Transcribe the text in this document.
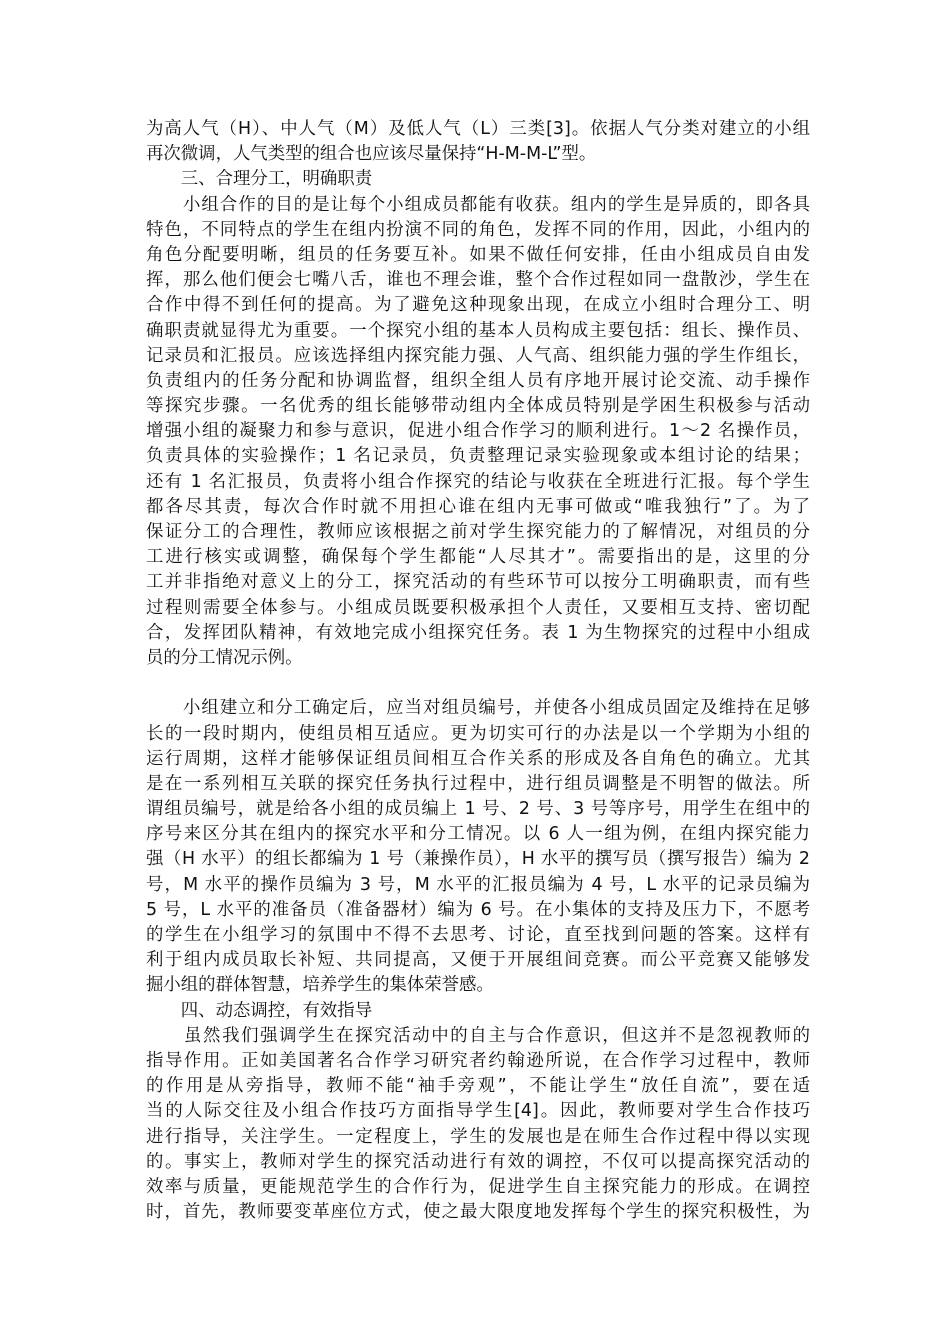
为高人气（H）、中人气（M）及低人气（L）三类[3]。依据人气分类对建立的小组
再次微调，人气类型的组合也应该尽量保持“H-M-M-L”型。
　　三、合理分工，明确职责
　　小组合作的目的是让每个小组成员都能有收获。组内的学生是异质的，即各具
特色，不同特点的学生在组内扮演不同的角色，发挥不同的作用，因此，小组内的
角色分配要明晰，组员的任务要互补。如果不做任何安排，任由小组成员自由发
挥，那么他们便会七嘴八舌，谁也不理会谁，整个合作过程如同一盘散沙，学生在
合作中得不到任何的提高。为了避免这种现象出现，在成立小组时合理分工、明
确职责就显得尤为重要。一个探究小组的基本人员构成主要包括：组长、操作员、
记录员和汇报员。应该选择组内探究能力强、人气高、组织能力强的学生作组长，
负责组内的任务分配和协调监督，组织全组人员有序地开展讨论交流、动手操作
等探究步骤。一名优秀的组长能够带动组内全体成员特别是学困生积极参与活动
增强小组的凝聚力和参与意识，促进小组合作学习的顺利进行。1～2 名操作员，
负责具体的实验操作；1 名记录员，负责整理记录实验现象或本组讨论的结果；
还有 1 名汇报员，负责将小组合作探究的结论与收获在全班进行汇报。每个学生
都各尽其责，每次合作时就不用担心谁在组内无事可做或“唯我独行”了。为了
保证分工的合理性，教师应该根据之前对学生探究能力的了解情况，对组员的分
工进行核实或调整，确保每个学生都能“人尽其才”。需要指出的是，这里的分
工并非指绝对意义上的分工，探究活动的有些环节可以按分工明确职责，而有些
过程则需要全体参与。小组成员既要积极承担个人责任，又要相互支持、密切配
合，发挥团队精神，有效地完成小组探究任务。表 1 为生物探究的过程中小组成
员的分工情况示例。
　　小组建立和分工确定后，应当对组员编号，并使各小组成员固定及维持在足够
长的一段时期内，使组员相互适应。更为切实可行的办法是以一个学期为小组的
运行周期，这样才能够保证组员间相互合作关系的形成及各自角色的确立。尤其
是在一系列相互关联的探究任务执行过程中，进行组员调整是不明智的做法。所
谓组员编号，就是给各小组的成员编上 1 号、2 号、3 号等序号，用学生在组中的
序号来区分其在组内的探究水平和分工情况。以 6 人一组为例，在组内探究能力
强（H 水平）的组长都编为 1 号（兼操作员），H 水平的撰写员（撰写报告）编为 2
号，M 水平的操作员编为 3 号，M 水平的汇报员编为 4 号，L 水平的记录员编为
5 号，L 水平的准备员（准备器材）编为 6 号。在小集体的支持及压力下，不愿考
的学生在小组学习的氛围中不得不去思考、讨论，直至找到问题的答案。这样有
利于组内成员取长补短、共同提高，又便于开展组间竞赛。而公平竞赛又能够发
掘小组的群体智慧，培养学生的集体荣誉感。
　　四、动态调控，有效指导
　　虽然我们强调学生在探究活动中的自主与合作意识，但这并不是忽视教师的
指导作用。正如美国著名合作学习研究者约翰逊所说，在合作学习过程中，教师
的作用是从旁指导，教师不能“袖手旁观”，不能让学生“放任自流”，要在适
当的人际交往及小组合作技巧方面指导学生[4]。因此，教师要对学生合作技巧
进行指导，关注学生。一定程度上，学生的发展也是在师生合作过程中得以实现
的。事实上，教师对学生的探究活动进行有效的调控，不仅可以提高探究活动的
效率与质量，更能规范学生的合作行为，促进学生自主探究能力的形成。在调控
时，首先，教师要变革座位方式，使之最大限度地发挥每个学生的探究积极性，为
